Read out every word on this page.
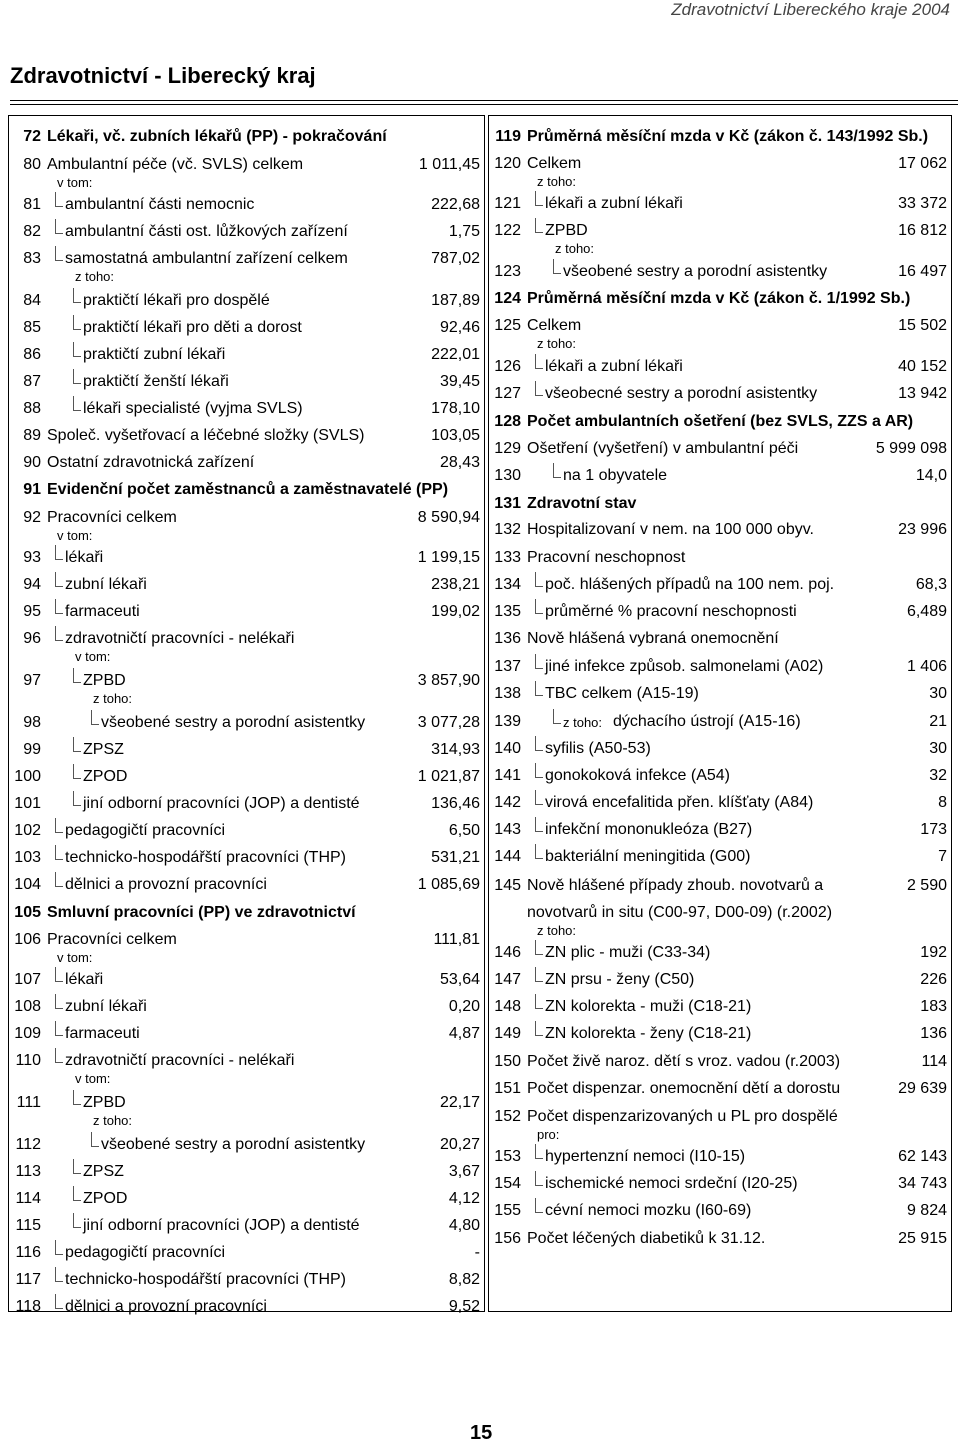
Zdravotnictví Libereckého kraje 2004
Zdravotnictví - Liberecký kraj
72 Lékaři, vč. zubních lékařů (PP) - pokračování
80 Ambulantní péče (vč. SVLS) celkem	1 011,45
v tom:
81 ambulantní části nemocnic	222,68
82 ambulantní části ost. lůžkových zařízení	1,75
83 samostatná ambulantní zařízení celkem	787,02
z toho:
84	praktičtí lékaři pro dospělé	187,89
85	praktičtí lékaři pro děti a dorost	92,46
86	praktičtí zubní lékaři	222,01
87	praktičtí ženští lékaři	39,45
88	lékaři specialisté (vyjma SVLS)	178,10
89 Společ. vyšetřovací a léčebné složky (SVLS)	103,05
90 Ostatní zdravotnická zařízení	28,43
91 Evidenční počet zaměstnanců a zaměstnavatelé (PP)
92 Pracovníci celkem	8 590,94
v tom:
93 lékaři	1 199,15
94 zubní lékaři	238,21
95 farmaceuti	199,02
96 zdravotničtí pracovníci - nelékaři
v tom:
97	ZPBD	3 857,90
z toho:
98	všeobené sestry a porodní asistentky	3 077,28
99	ZPSZ	314,93
100	ZPOD	1 021,87
101	jiní odborní pracovníci (JOP) a dentisté	136,46
102 pedagogičtí pracovníci	6,50
103 technicko-hospodářští pracovníci (THP)	531,21
104 dělnici a provozní pracovníci	1 085,69
105 Smluvní pracovníci (PP) ve zdravotnictví
106 Pracovníci celkem	111,81
v tom:
107 lékaři	53,64
108 zubní lékaři	0,20
109 farmaceuti	4,87
110 zdravotničtí pracovníci - nelékaři
v tom:
111	ZPBD	22,17
z toho:
112	všeobené sestry a porodní asistentky	20,27
113	ZPSZ	3,67
114	ZPOD	4,12
115	jiní odborní pracovníci (JOP) a dentisté	4,80
116 pedagogičtí pracovníci	-
117 technicko-hospodářští pracovníci (THP)	8,82
118 dělnici a provozní pracovníci	9,52
119 Průměrná měsíční mzda v Kč (zákon č. 143/1992 Sb.)
120 Celkem	17 062
z toho:
121 lékaři a zubní lékaři	33 372
122 ZPBD	16 812
z toho:
123	všeobené sestry a porodní asistentky	16 497
124 Průměrná měsíční mzda v Kč (zákon č. 1/1992 Sb.)
125 Celkem	15 502
z toho:
126 lékaři a zubní lékaři	40 152
127 všeobecné sestry a porodní asistentky	13 942
128 Počet ambulantních ošetření (bez SVLS, ZZS a AR)
129 Ošetření (vyšetření) v ambulantní péči	5 999 098
130	na 1 obyvatele	14,0
131 Zdravotní stav
132 Hospitalizovaní v nem. na 100 000 obyv.	23 996
133 Pracovní neschopnost
134 poč. hlášených případů na 100 nem. poj.	68,3
135 průměrné % pracovní neschopnosti	6,489
136 Nově hlášená vybraná onemocnění
137 jiné infekce způsob. salmonelami (A02)	1 406
138 TBC celkem (A15-19)	30
139	z toho: dýchacího ústrojí (A15-16)	21
140 syfilis (A50-53)	30
141 gonokoková infekce (A54)	32
142 virová encefalitida přen. klíšťaty (A84)	8
143 infekční mononukleóza (B27)	173
144 bakteriální meningitida (G00)	7
145 Nově hlášené případy zhoub. novotvarů a	2 590
novotvarů in situ (C00-97, D00-09) (r.2002)
z toho:
146 ZN plic - muži (C33-34)	192
147 ZN prsu - ženy (C50)	226
148 ZN kolorekta - muži (C18-21)	183
149 ZN kolorekta - ženy (C18-21)	136
150 Počet živě naroz. dětí s vroz. vadou (r.2003)	114
151 Počet dispenzar. onemocnění dětí a dorostu	29 639
152 Počet dispenzarizovaných u PL pro dospělé
pro:
153 hypertenzní nemoci (I10-15)	62 143
154 ischemické nemoci srdeční (I20-25)	34 743
155 cévní nemoci mozku (I60-69)	9 824
156 Počet léčených diabetiků k 31.12.	25 915
15
